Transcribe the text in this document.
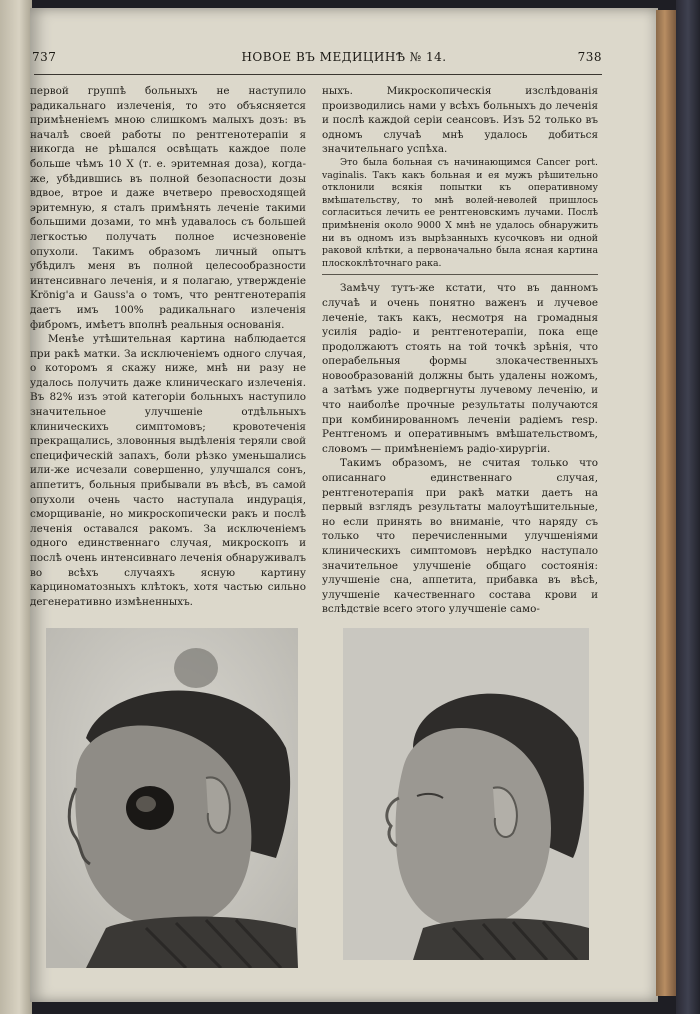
737	НОВОЕ ВЪ МЕДИЦИНѢ № 14.	738

первой группѣ больныхъ не наступило радикальнаго излеченія, то это объясняется примѣненіемъ мною слишкомъ малыхъ дозъ: въ началѣ своей работы по рентгенотерапіи я никогда не рѣшался освѣщать каждое поле больше чѣмъ 10 X (т. е. эритемная доза), когда-же, убѣдившись въ полной безопасности дозы вдвое, втрое и даже вчетверо превосходящей эритемную, я сталъ примѣнять леченіе такими большими дозами, то мнѣ удавалось съ большей легкостью получать полное исчезновеніе опухоли. Такимъ образомъ личный опытъ убѣдилъ меня въ полной целесообразности интенсивнаго леченія, и я полагаю, утвержденіе Krönig'a и Gauss'a о томъ, что рентгенотерапія даетъ имъ 100% радикальнаго излеченія фибромъ, имѣетъ вполнѣ реальныя основанія.

Менѣе утѣшительная картина наблюдается при ракѣ матки. За исключеніемъ одного случая, о которомъ я скажу ниже, мнѣ ни разу не удалось получить даже клиническаго излеченія. Въ 82% изъ этой категоріи больныхъ наступило значительное улучшеніе отдѣльныхъ клиническихъ симптомовъ; кровотеченія прекращались, зловонныя выдѣленія теряли свой специфическій запахъ, боли рѣзко уменьшались или-же исчезали совершенно, улучшался сонъ, аппетитъ, больныя прибывали въ вѣсѣ, въ самой опухоли очень часто наступала индурація, сморщиваніе, но микроскопически ракъ и послѣ леченія оставался ракомъ. За исключеніемъ одного единственнаго случая, микроскопъ и послѣ очень интенсивнаго леченія обнаруживалъ во всѣхъ случаяхъ ясную картину карциноматозныхъ клѣтокъ, хотя частью сильно дегенеративно измѣненныхъ.

ныхъ. Микроскопическія изслѣдованія производились нами у всѣхъ больныхъ до леченія и послѣ каждой серіи сеансовъ. Изъ 52 только въ одномъ случаѣ мнѣ удалось добиться значительнаго успѣха.

Это была больная съ начинающимся Cancer port. vaginalis. Такъ какъ больная и ея мужъ рѣшительно отклонили всякія попытки къ оперативному вмѣшательству, то мнѣ волей-неволей пришлось согласиться лечить ее рентгеновскимъ лучами. Послѣ примѣненія около 9000 X мнѣ не удалось обнаружить ни въ одномъ изъ вырѣзанныхъ кусочковъ ни одной раковой клѣтки, а первоначально была ясная картина плоскоклѣточнаго рака.

Замѣчу тутъ-же кстати, что въ данномъ случаѣ и очень понятно важенъ и лучевое леченіе, такъ какъ, несмотря на громадныя усилія радіо- и рентгенотерапіи, пока еще продолжаютъ стоять на той точкѣ зрѣнія, что операбельныя формы злокачественныхъ новообразованій должны быть удалены ножомъ, а затѣмъ уже подвергнуты лучевому леченію, и что наиболѣе прочные результаты получаются при комбинированномъ леченіи радіемъ resp. Рентгеномъ и оперативнымъ вмѣшательствомъ, словомъ — примѣненіемъ радіо-хирургіи.

Такимъ образомъ, не считая только что описаннаго единственнаго случая, рентгенотерапія при ракѣ матки даетъ на первый взглядъ результаты малоутѣшительные, но если принять во вниманіе, что наряду съ только что перечисленными улучшеніями клиническихъ симптомовъ нерѣдко наступало значительное улучшеніе общаго состоянія: улучшеніе сна, аппетита, прибавка въ вѣсѣ, улучшеніе качественнаго состава крови и вслѣдствіе всего этого улучшеніе само-
